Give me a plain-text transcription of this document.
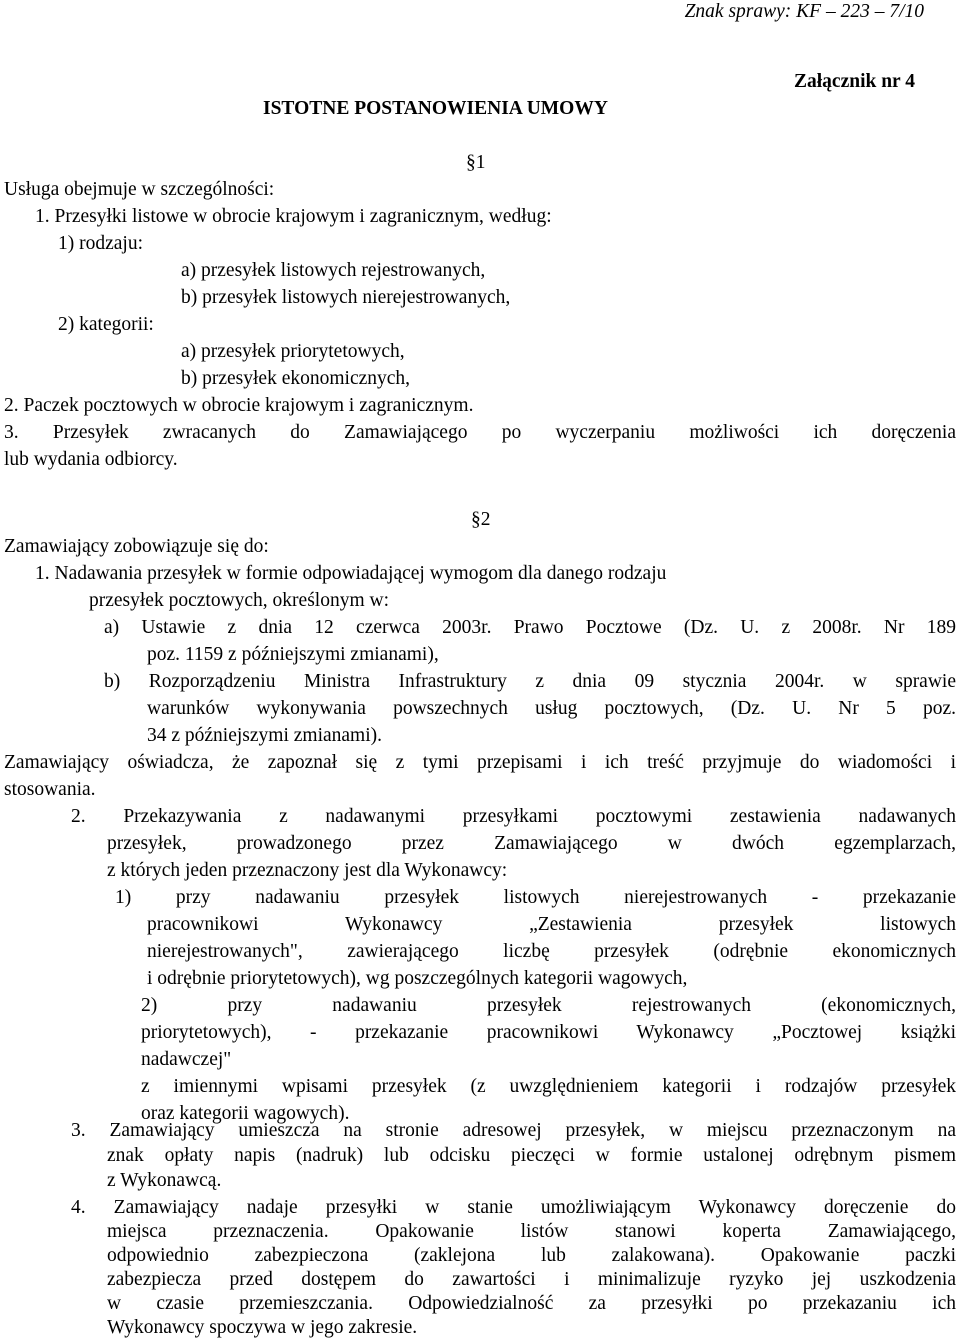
Znak sprawy: KF – 223 – 7/10
Załącznik nr 4
ISTOTNE POSTANOWIENIA UMOWY
§1
Usługa obejmuje w szczególności:
1. Przesyłki listowe w obrocie krajowym i zagranicznym, według:
1) rodzaju:
a) przesyłek listowych rejestrowanych,
b) przesyłek listowych nierejestrowanych,
2) kategorii:
a) przesyłek priorytetowych,
b) przesyłek ekonomicznych,
2. Paczek pocztowych w obrocie krajowym i zagranicznym.
3. Przesyłek zwracanych do Zamawiającego po wyczerpaniu możliwości ich doręczenia
lub wydania odbiorcy.
§2
Zamawiający zobowiązuje się do:
1. Nadawania przesyłek w formie odpowiadającej wymogom dla danego rodzaju
przesyłek pocztowych, określonym w:
a) Ustawie z dnia 12 czerwca 2003r. Prawo Pocztowe (Dz. U. z 2008r. Nr 189
poz. 1159 z późniejszymi zmianami),
b) Rozporządzeniu Ministra Infrastruktury z dnia 09 stycznia 2004r. w sprawie
warunków wykonywania powszechnych usług pocztowych, (Dz. U. Nr 5 poz.
34 z późniejszymi zmianami).
Zamawiający oświadcza, że zapoznał się z tymi przepisami i ich treść przyjmuje do wiadomości i
stosowania.
2. Przekazywania z nadawanymi przesyłkami pocztowymi zestawienia nadawanych
przesyłek, prowadzonego przez Zamawiającego w dwóch egzemplarzach,
z których jeden przeznaczony jest dla Wykonawcy:
1) przy nadawaniu przesyłek listowych nierejestrowanych - przekazanie
pracownikowi Wykonawcy „Zestawienia przesyłek listowych
nierejestrowanych", zawierającego liczbę przesyłek (odrębnie ekonomicznych
i odrębnie priorytetowych), wg poszczególnych kategorii wagowych,
2) przy nadawaniu przesyłek rejestrowanych (ekonomicznych,
priorytetowych), - przekazanie pracownikowi Wykonawcy „Pocztowej książki
nadawczej"
z imiennymi wpisami przesyłek (z uwzględnieniem kategorii i rodzajów przesyłek
oraz kategorii wagowych).
3. Zamawiający umieszcza na stronie adresowej przesyłek, w miejscu przeznaczonym na
znak opłaty napis (nadruk) lub odcisku pieczęci w formie ustalonej odrębnym pismem
z Wykonawcą.
4. Zamawiający nadaje przesyłki w stanie umożliwiającym Wykonawcy doręczenie do
miejsca przeznaczenia. Opakowanie listów stanowi koperta Zamawiającego,
odpowiednio zabezpieczona (zaklejona lub zalakowana). Opakowanie paczki
zabezpiecza przed dostępem do zawartości i minimalizuje ryzyko jej uszkodzenia
w czasie przemieszczania. Odpowiedzialność za przesyłki po przekazaniu ich
Wykonawcy spoczywa w jego zakresie.
